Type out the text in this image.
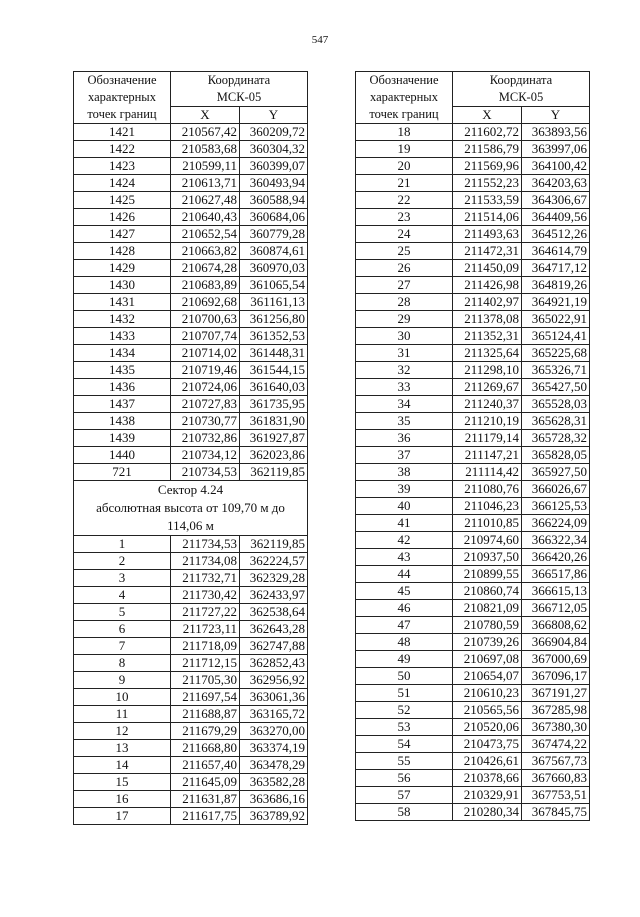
547
Обозначение
характерных
точек границ	Координата
МСК-05	

	X	Y
1421	210567,42	360209,72
1422	210583,68	360304,32
1423	210599,11	360399,07
1424	210613,71	360493,94
1425	210627,48	360588,94
1426	210640,43	360684,06
1427	210652,54	360779,28
1428	210663,82	360874,61
1429	210674,28	360970,03
1430	210683,89	361065,54
1431	210692,68	361161,13
1432	210700,63	361256,80
1433	210707,74	361352,53
1434	210714,02	361448,31
1435	210719,46	361544,15
1436	210724,06	361640,03
1437	210727,83	361735,95
1438	210730,77	361831,90
1439	210732,86	361927,87
1440	210734,12	362023,86
721	210734,53	362119,85

Сектор 4.24
абсолютная высота от 109,70 м до
114,06 м		

1	211734,53	362119,85
2	211734,08	362224,57
3	211732,71	362329,28
4	211730,42	362433,97
5	211727,22	362538,64
6	211723,11	362643,28
7	211718,09	362747,88
8	211712,15	362852,43
9	211705,30	362956,92
10	211697,54	363061,36
11	211688,87	363165,72
12	211679,29	363270,00
13	211668,80	363374,19
14	211657,40	363478,29
15	211645,09	363582,28
16	211631,87	363686,16
17	211617,75	363789,92
Обозначение
характерных
точек границ	Координата
МСК-05	

	X	Y
18	211602,72	363893,56
19	211586,79	363997,06
20	211569,96	364100,42
21	211552,23	364203,63
22	211533,59	364306,67
23	211514,06	364409,56
24	211493,63	364512,26
25	211472,31	364614,79
26	211450,09	364717,12
27	211426,98	364819,26
28	211402,97	364921,19
29	211378,08	365022,91
30	211352,31	365124,41
31	211325,64	365225,68
32	211298,10	365326,71
33	211269,67	365427,50
34	211240,37	365528,03
35	211210,19	365628,31
36	211179,14	365728,32
37	211147,21	365828,05
38	211114,42	365927,50
39	211080,76	366026,67
40	211046,23	366125,53
41	211010,85	366224,09
42	210974,60	366322,34
43	210937,50	366420,26
44	210899,55	366517,86
45	210860,74	366615,13
46	210821,09	366712,05
47	210780,59	366808,62
48	210739,26	366904,84
49	210697,08	367000,69
50	210654,07	367096,17
51	210610,23	367191,27
52	210565,56	367285,98
53	210520,06	367380,30
54	210473,75	367474,22
55	210426,61	367567,73
56	210378,66	367660,83
57	210329,91	367753,51
58	210280,34	367845,75
